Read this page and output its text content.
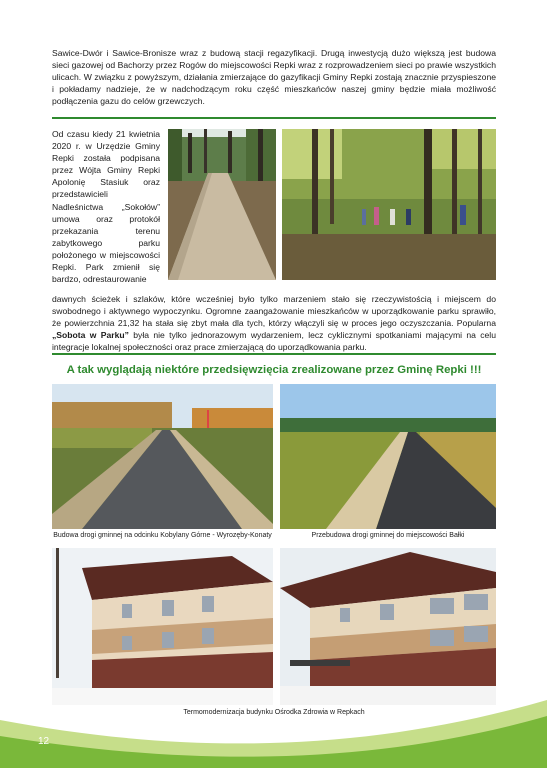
Sawice-Dwór i Sawice-Bronisze wraz z budową stacji regazyfikacji. Drugą inwestycją dużo większą jest budowa sieci gazowej od Bachorzy przez Rogów do miejscowości Repki wraz z rozprowadzeniem sieci po prawie wszystkich ulicach. W związku z powyższym, działania zmierzające do gazyfikacji Gminy Repki zostają znacznie przyspieszone i pokładamy nadzieje, że w nadchodzącym roku część mieszkańców naszej gminy będzie miała możliwość podłączenia gazu do celów grzewczych.

Od czasu kiedy 21 kwietnia 2020 r. w Urzędzie Gminy Repki została podpisana przez Wójta Gminy Repki Apolonię Stasiuk oraz przedstawicieli Nadleśnictwa „Sokołów” umowa oraz protokół przekazania terenu zabytkowego parku położonego w miejscowości Repki. Park zmienił się bardzo, odrestaurowanie

dawnych ścieżek i szlaków, które wcześniej było tylko marzeniem stało się rzeczywistością i miejscem do swobodnego i aktywnego wypoczynku. Ogromne zaangażowanie mieszkańców w uporządkowanie parku sprawiło, że powierzchnia 21,32 ha stała się zbyt mała dla tych, którzy włączyli się w proces jego oczyszczania. Popularna „Sobota w Parku” była nie tylko jednorazowym wydarzeniem, lecz cyklicznymi spotkaniami mającymi na celu integracje lokalnej społeczności oraz prace zmierzającą do uporządkowania parku.

A tak wyglądają niektóre przedsięwzięcia zrealizowane przez Gminę Repki !!!

Budowa drogi gminnej na odcinku Kobylany Górne - Wyrozęby-Konaty	Przebudowa drogi gminnej do miejscowości Bałki

Termomodernizacja budynku Ośrodka Zdrowia w Repkach

12
